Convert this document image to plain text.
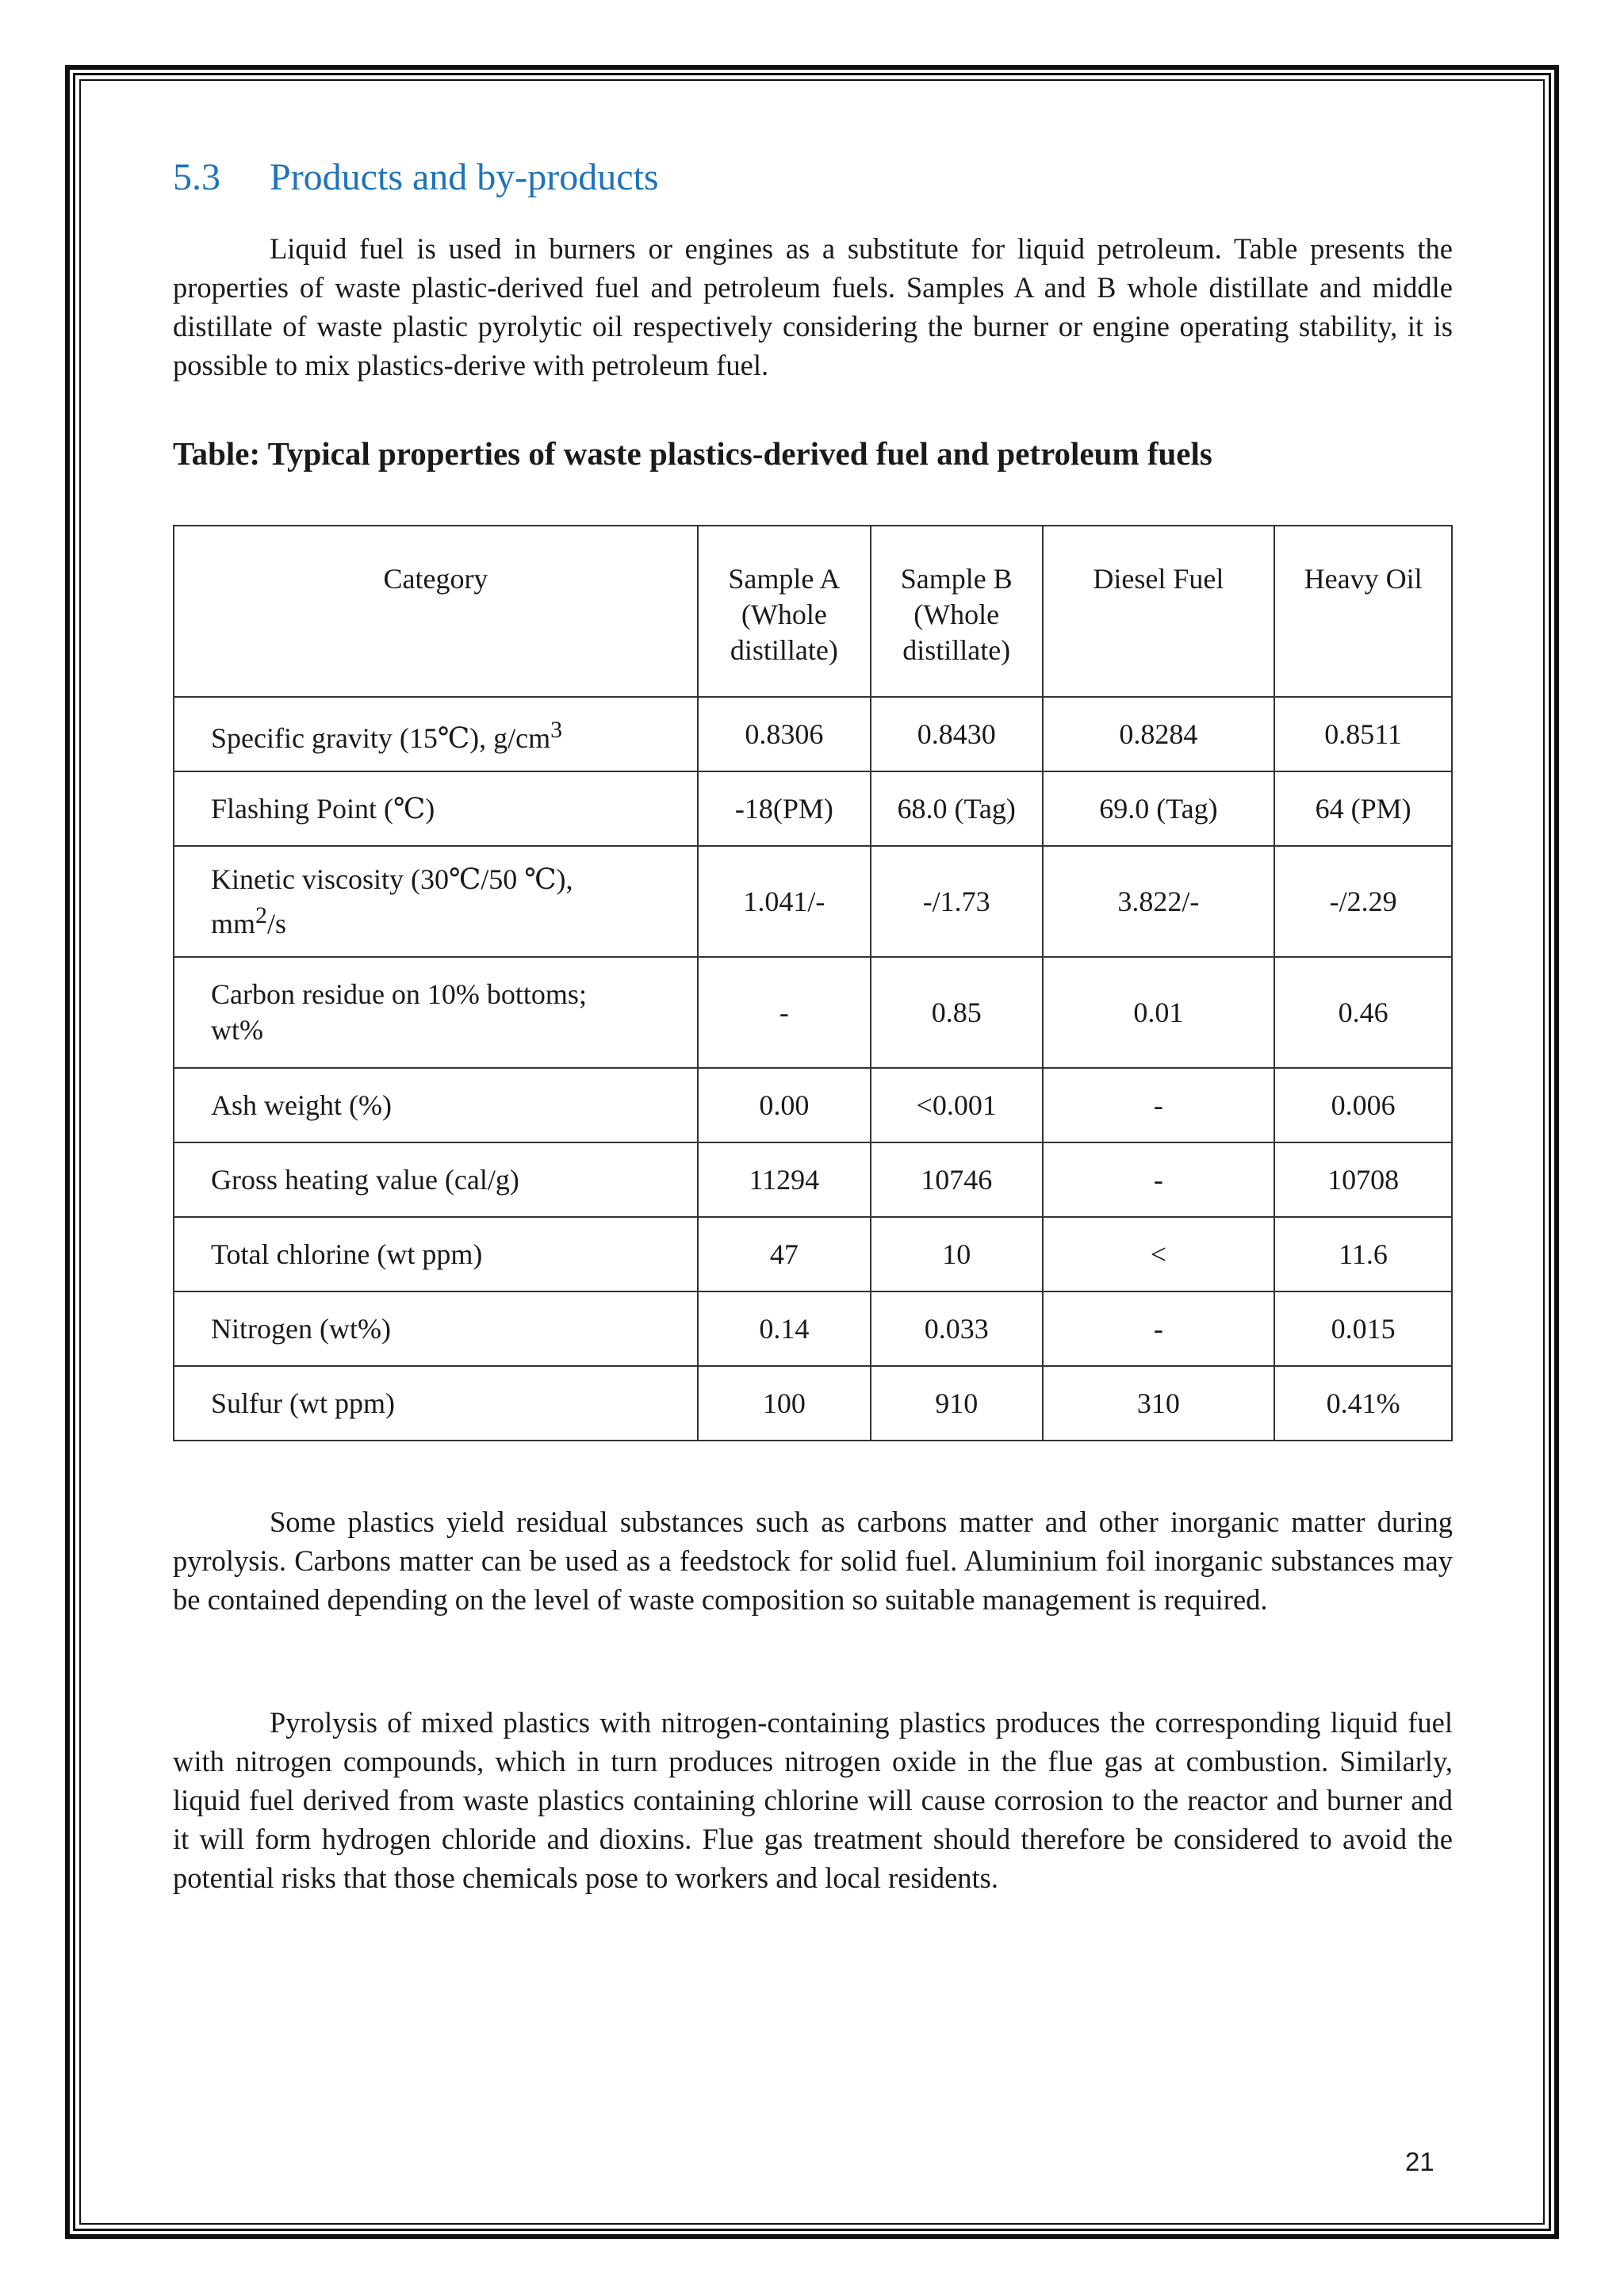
5.3 Products and by-products

Liquid fuel is used in burners or engines as a substitute for liquid petroleum. Table presents the properties of waste plastic-derived fuel and petroleum fuels. Samples A and B whole distillate and middle distillate of waste plastic pyrolytic oil respectively considering the burner or engine operating stability, it is possible to mix plastics-derive with petroleum fuel.

Table: Typical properties of waste plastics-derived fuel and petroleum fuels
Category	Sample A
(Whole
distillate)	Sample B
(Whole
distillate)	Diesel Fuel	Heavy Oil
Specific gravity (15℃), $g/cm^3$	0.8306	0.8430	0.8284	0.8511
Flashing Point (℃)	-18(PM)	68.0 (Tag)	69.0 (Tag)	64 (PM)
Kinetic viscosity (30℃/50 ℃),
$mm^2/s$	1.041/-	-/1.73	3.822/-	-/2.29
Carbon residue on 10% bottoms;
wt%	-	0.85	0.01	0.46
Ash weight (%)	0.00	<0.001	-	0.006
Gross heating value (cal/g)	11294	10746	-	10708
Total chlorine (wt ppm)	47	10	<	11.6
Nitrogen (wt%)	0.14	0.033	-	0.015
Sulfur (wt ppm)	100	910	310	0.41%

Some plastics yield residual substances such as carbons matter and other inorganic matter during pyrolysis. Carbons matter can be used as a feedstock for solid fuel. Aluminium foil inorganic substances may be contained depending on the level of waste composition so suitable management is required.

Pyrolysis of mixed plastics with nitrogen-containing plastics produces the corresponding liquid fuel with nitrogen compounds, which in turn produces nitrogen oxide in the flue gas at combustion. Similarly, liquid fuel derived from waste plastics containing chlorine will cause corrosion to the reactor and burner and it will form hydrogen chloride and dioxins. Flue gas treatment should therefore be considered to avoid the potential risks that those chemicals pose to workers and local residents.

21
